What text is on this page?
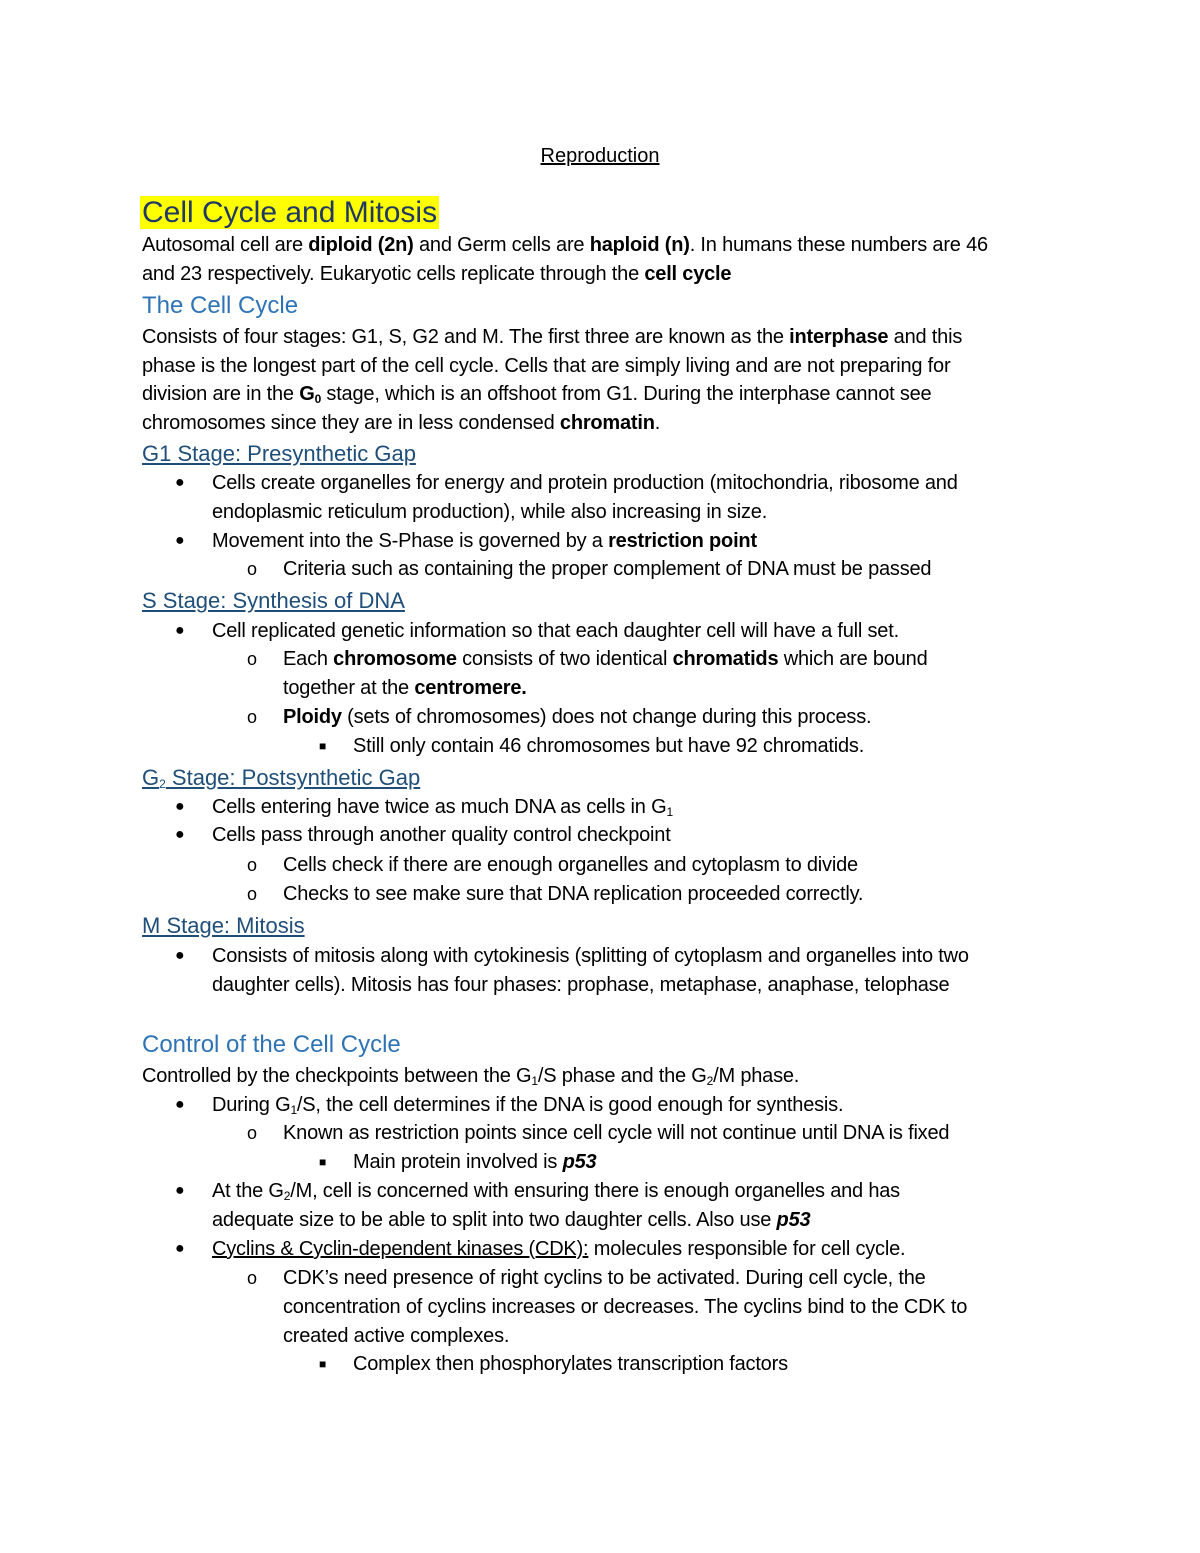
Reproduction
Cell Cycle and Mitosis
Autosomal cell are diploid (2n) and Germ cells are haploid (n). In humans these numbers are 46
and 23 respectively. Eukaryotic cells replicate through the cell cycle
The Cell Cycle
Consists of four stages: G1, S, G2 and M. The first three are known as the interphase and this
phase is the longest part of the cell cycle. Cells that are simply living and are not preparing for
division are in the $G_0$ stage, which is an offshoot from G1. During the interphase cannot see
chromosomes since they are in less condensed chromatin.
G1 Stage: Presynthetic Gap
● Cells create organelles for energy and protein production (mitochondria, ribosome and
endoplasmic reticulum production), while also increasing in size.
● Movement into the S-Phase is governed by a restriction point
o Criteria such as containing the proper complement of DNA must be passed
S Stage: Synthesis of DNA
● Cell replicated genetic information so that each daughter cell will have a full set.
o Each chromosome consists of two identical chromatids which are bound
together at the centromere.
o Ploidy (sets of chromosomes) does not change during this process.
■ Still only contain 46 chromosomes but have 92 chromatids.
$G_2$ Stage: Postsynthetic Gap
● Cells entering have twice as much DNA as cells in $G_1$
● Cells pass through another quality control checkpoint
o Cells check if there are enough organelles and cytoplasm to divide
o Checks to see make sure that DNA replication proceeded correctly.
M Stage: Mitosis
● Consists of mitosis along with cytokinesis (splitting of cytoplasm and organelles into two
daughter cells). Mitosis has four phases: prophase, metaphase, anaphase, telophase
Control of the Cell Cycle
Controlled by the checkpoints between the $G_1/S$ phase and the $G_2/M$ phase.
● During $G_1/S$, the cell determines if the DNA is good enough for synthesis.
o Known as restriction points since cell cycle will not continue until DNA is fixed
■ Main protein involved is p53
● At the $G_2/M$, cell is concerned with ensuring there is enough organelles and has
adequate size to be able to split into two daughter cells. Also use p53
● Cyclins & Cyclin-dependent kinases (CDK): molecules responsible for cell cycle.
o CDK’s need presence of right cyclins to be activated. During cell cycle, the
concentration of cyclins increases or decreases. The cyclins bind to the CDK to
created active complexes.
■ Complex then phosphorylates transcription factors
